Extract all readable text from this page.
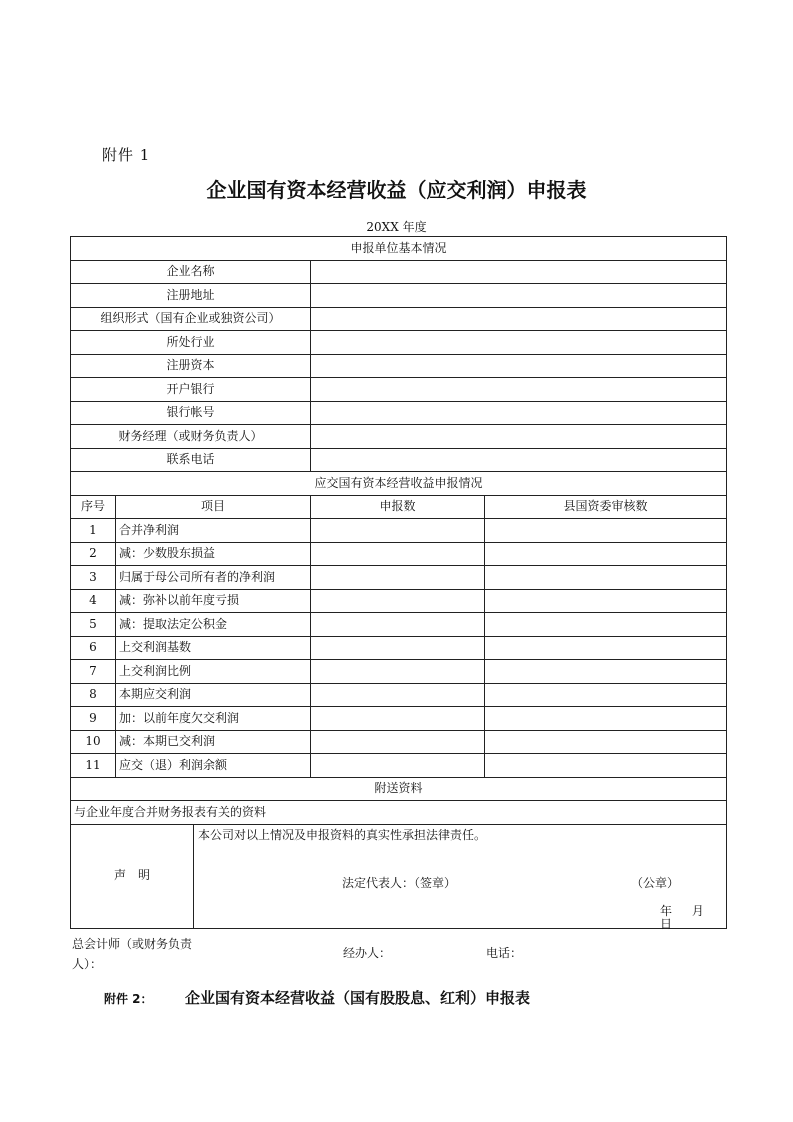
附件 1
企业国有资本经营收益（应交利润）申报表
20XX 年度
申报单位基本情况			
企业名称			
注册地址			
组织形式（国有企业或独资公司）			
所处行业			
注册资本			
开户银行			
银行帐号			
财务经理（或财务负责人）			
联系电话			
应交国有资本经营收益申报情况			
序号	项目	申报数	县国资委审核数
1	合并净利润		
2	减：少数股东损益		
3	归属于母公司所有者的净利润		
4	减：弥补以前年度亏损		
5	减：提取法定公积金		
6	上交利润基数		
7	上交利润比例		
8	本期应交利润		
9	加：以前年度欠交利润		
10	减：本期已交利润		
11	应交（退）利润余额		
附送资料			
与企业年度合并财务报表有关的资料			

声　明
本公司对以上情况及申报资料的真实性承担法律责任。
法定代表人：（签章） （公章）
年 月 日			
总会计师（或财务负责人）：
经办人：	电话：
附件 2： 企业国有资本经营收益（国有股股息、红利）申报表
